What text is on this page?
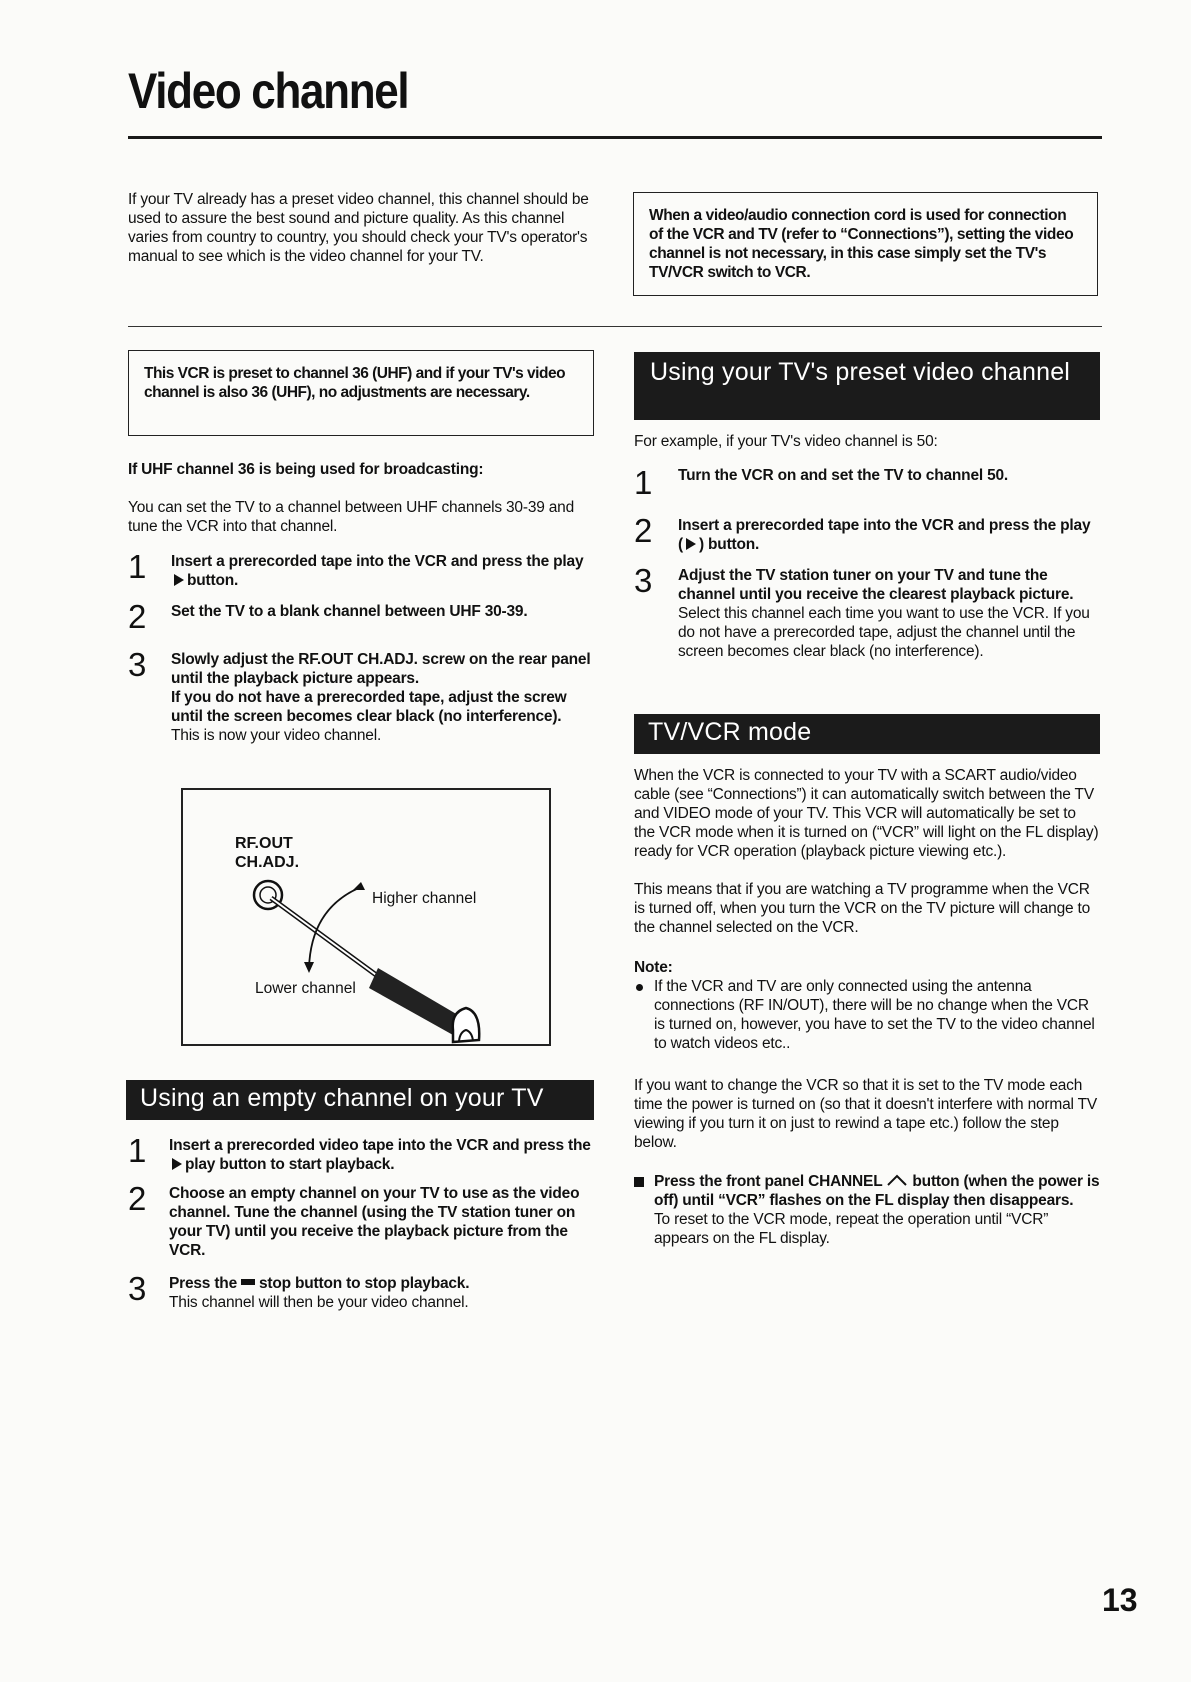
Video channel

If your TV already has a preset video channel, this channel should be used to assure the best sound and picture quality. As this channel varies from country to country, you should check your TV's operator's manual to see which is the video channel for your TV.

When a video/audio connection cord is used for connection of the VCR and TV (refer to “Connections”), setting the video channel is not necessary, in this case simply set the TV's TV/VCR switch to VCR.

This VCR is preset to channel 36 (UHF) and if your TV's video channel is also 36 (UHF), no adjustments are necessary.

If UHF channel 36 is being used for broadcasting:

You can set the TV to a channel between UHF channels 30-39 and tune the VCR into that channel.

1 Insert a prerecorded tape into the VCR and press the playbutton.
2 Set the TV to a blank channel between UHF 30-39.
3 Slowly adjust the RF.OUT CH.ADJ. screw on the rear panel until the playback picture appears.
If you do not have a prerecorded tape, adjust the screw until the screen becomes clear black (no interference).
This is now your video channel.
RF.OUT
CH.ADJ.
Higher channel
Lower channel
Using an empty channel on your TV
1 Insert a prerecorded video tape into the VCR and press theplay button to start playback.
2 Choose an empty channel on your TV to use as the video channel. Tune the channel (using the TV station tuner on your TV) until you receive the playback picture from the VCR.
3 Press the stop button to stop playback.
This channel will then be your video channel.
Using your TV's preset video channel

For example, if your TV's video channel is 50:

1 Turn the VCR on and set the TV to channel 50.
2 Insert a prerecorded tape into the VCR and press the play ( ) button.
3 Adjust the TV station tuner on your TV and tune the channel until you receive the clearest playback picture.
Select this channel each time you want to use the VCR. If you do not have a prerecorded tape, adjust the channel until the screen becomes clear black (no interference).
TV/VCR mode

When the VCR is connected to your TV with a SCART audio/video cable (see “Connections”) it can automatically switch between the TV and VIDEO mode of your TV. This VCR will automatically be set to the VCR mode when it is turned on (“VCR” will light on the FL display) ready for VCR operation (playback picture viewing etc.).

This means that if you are watching a TV programme when the VCR is turned off, when you turn the VCR on the TV picture will change to the channel selected on the VCR.

Note:

If the VCR and TV are only connected using the antenna connections (RF IN/OUT), there will be no change when the VCR is turned on, however, you have to set the TV to the video channel to watch videos etc..

If you want to change the VCR so that it is set to the TV mode each time the power is turned on (so that it doesn't interfere with normal TV viewing if you turn it on just to rewind a tape etc.) follow the step below.

Press the front panel CHANNEL button (when the power is off) until “VCR” flashes on the FL display then disappears.
To reset to the VCR mode, repeat the operation until “VCR” appears on the FL display.
13
